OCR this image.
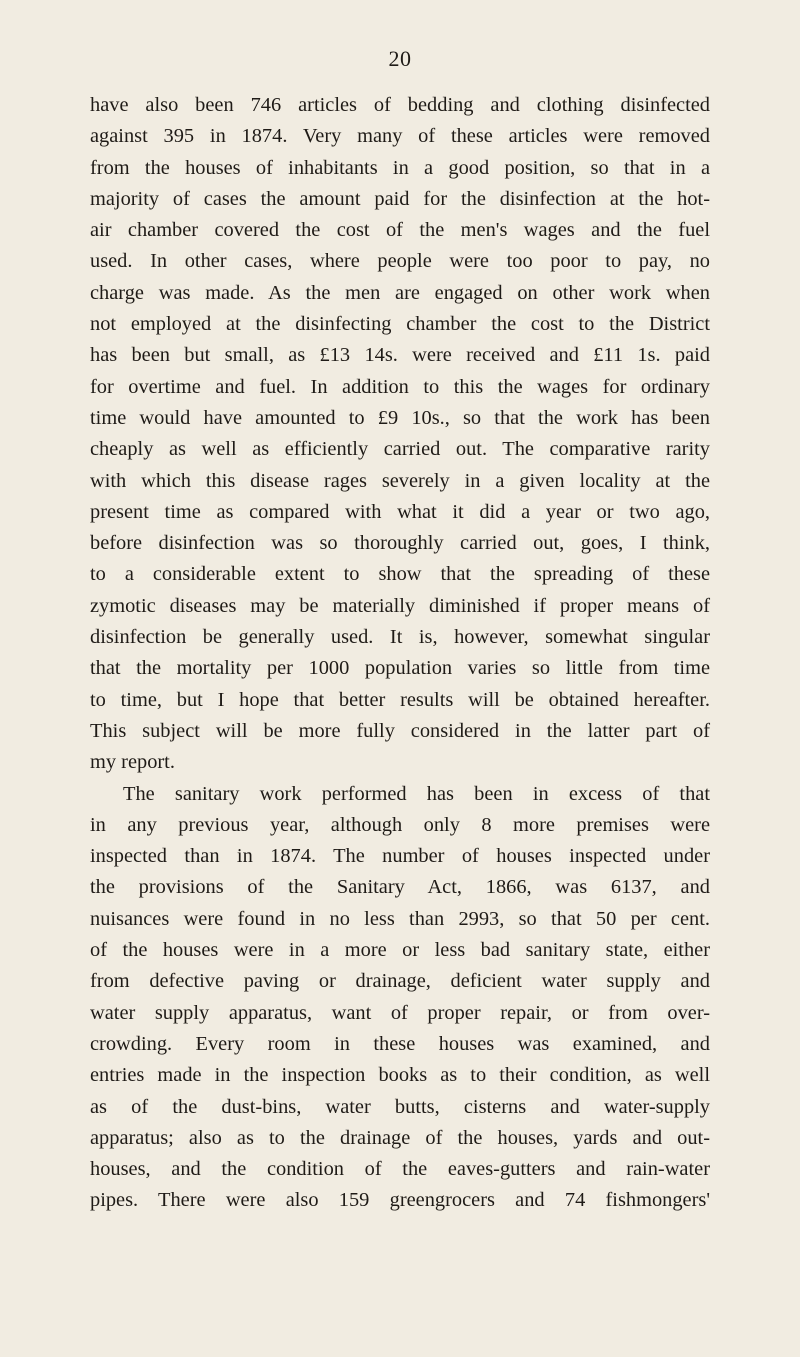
20
have also been 746 articles of bedding and clothing disinfected
against 395 in 1874. Very many of these articles were removed
from the houses of inhabitants in a good position, so that in a
majority of cases the amount paid for the disinfection at the hot-
air chamber covered the cost of the men's wages and the fuel
used. In other cases, where people were too poor to pay, no
charge was made. As the men are engaged on other work when
not employed at the disinfecting chamber the cost to the District
has been but small, as £13 14s. were received and £11 1s. paid
for overtime and fuel. In addition to this the wages for ordinary
time would have amounted to £9 10s., so that the work has been
cheaply as well as efficiently carried out. The comparative rarity
with which this disease rages severely in a given locality at the
present time as compared with what it did a year or two ago,
before disinfection was so thoroughly carried out, goes, I think,
to a considerable extent to show that the spreading of these
zymotic diseases may be materially diminished if proper means of
disinfection be generally used. It is, however, somewhat singular
that the mortality per 1000 population varies so little from time
to time, but I hope that better results will be obtained hereafter.
This subject will be more fully considered in the latter part of
my report.
The sanitary work performed has been in excess of that
in any previous year, although only 8 more premises were
inspected than in 1874. The number of houses inspected under
the provisions of the Sanitary Act, 1866, was 6137, and
nuisances were found in no less than 2993, so that 50 per cent.
of the houses were in a more or less bad sanitary state, either
from defective paving or drainage, deficient water supply and
water supply apparatus, want of proper repair, or from over-
crowding. Every room in these houses was examined, and
entries made in the inspection books as to their condition, as well
as of the dust-bins, water butts, cisterns and water-supply
apparatus; also as to the drainage of the houses, yards and out-
houses, and the condition of the eaves-gutters and rain-water
pipes. There were also 159 greengrocers and 74 fishmongers'
